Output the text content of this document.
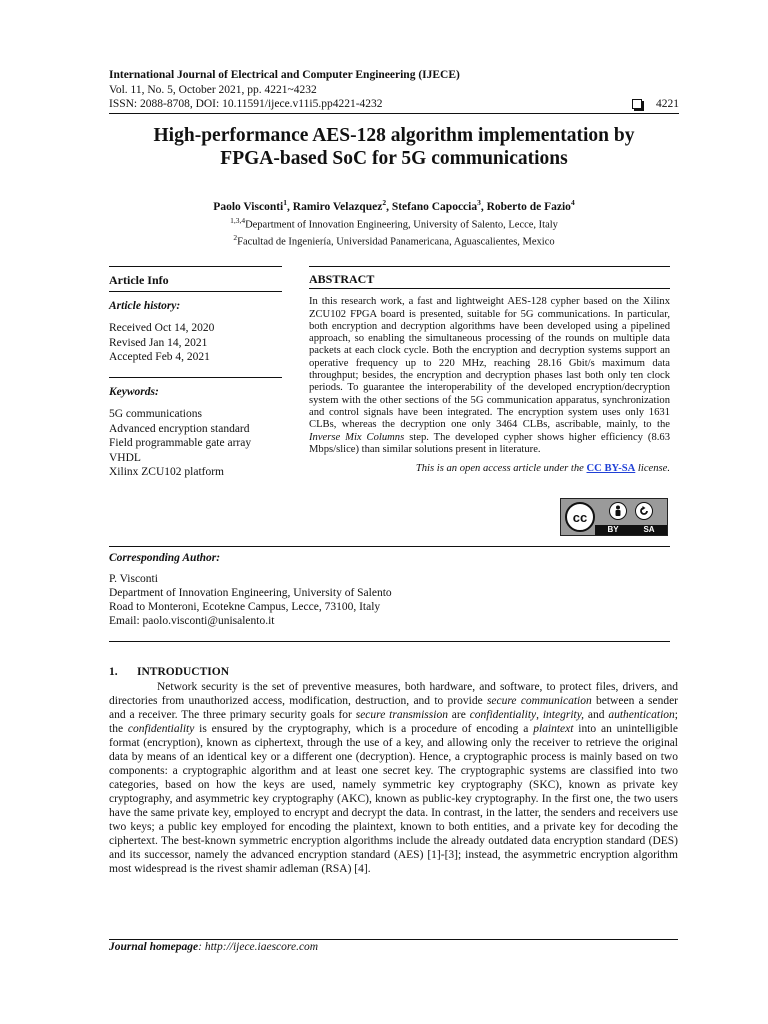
International Journal of Electrical and Computer Engineering (IJECE)
Vol. 11, No. 5, October 2021, pp. 4221~4232
ISSN: 2088-8708, DOI: 10.11591/ijece.v11i5.pp4221-4232	4221
High-performance AES-128 algorithm implementation by
FPGA-based SoC for 5G communications
Paolo Visconti$^1$, Ramiro Velazquez$^2$, Stefano Capoccia$^3$, Roberto de Fazio$^4$
$^{1,3,4}$Department of Innovation Engineering, University of Salento, Lecce, Italy
$^2$Facultad de Ingeniería, Universidad Panamericana, Aguascalientes, Mexico
Article Info
Article history:
Received Oct 14, 2020
Revised Jan 14, 2021
Accepted Feb 4, 2021
Keywords:
5G communications
Advanced encryption standard
Field programmable gate array
VHDL
Xilinx ZCU102 platform
ABSTRACT
In this research work, a fast and lightweight AES-128 cypher based on the Xilinx ZCU102 FPGA board is presented, suitable for 5G communications. In particular, both encryption and decryption algorithms have been developed using a pipelined approach, so enabling the simultaneous processing of the rounds on multiple data packets at each clock cycle. Both the encryption and decryption systems support an operative frequency up to 220 MHz, reaching 28.16 Gbit/s maximum data throughput; besides, the encryption and decryption phases last both only ten clock periods. To guarantee the interoperability of the developed encryption/decryption system with the other sections of the 5G communication apparatus, synchronization and control signals have been integrated. The encryption system uses only 1631 CLBs, whereas the decryption one only 3464 CLBs, ascribable, mainly, to the Inverse Mix Columns step. The developed cypher shows higher efficiency (8.63 Mbps/slice) than similar solutions present in literature.
This is an open access article under the CC BY-SA license.
cc
BY	SA
Corresponding Author:
P. Visconti
Department of Innovation Engineering, University of Salento
Road to Monteroni, Ecotekne Campus, Lecce, 73100, Italy
Email: paolo.visconti@unisalento.it
1.	INTRODUCTION
Network security is the set of preventive measures, both hardware, and software, to protect files, drivers, and directories from unauthorized access, modification, destruction, and to provide secure communication between a sender and a receiver. The three primary security goals for secure transmission are confidentiality, integrity, and authentication; the confidentiality is ensured by the cryptography, which is a procedure of encoding a plaintext into an unintelligible format (encryption), known as ciphertext, through the use of a key, and allowing only the receiver to retrieve the original data by means of an identical key or a different one (decryption). Hence, a cryptographic process is mainly based on two components: a cryptographic algorithm and at least one secret key. The cryptographic systems are classified into two categories, based on how the keys are used, namely symmetric key cryptography (SKC), known as private key cryptography, and asymmetric key cryptography (AKC), known as public-key cryptography. In the first one, the two users have the same private key, employed to encrypt and decrypt the data. In contrast, in the latter, the senders and receivers use two keys; a public key employed for encoding the plaintext, known to both entities, and a private key for decoding the ciphertext. The best-known symmetric encryption algorithms include the already outdated data encryption standard (DES) and its successor, namely the advanced encryption standard (AES) [1]-[3]; instead, the asymmetric encryption algorithm most widespread is the rivest shamir adleman (RSA) [4].
Journal homepage: http://ijece.iaescore.com
